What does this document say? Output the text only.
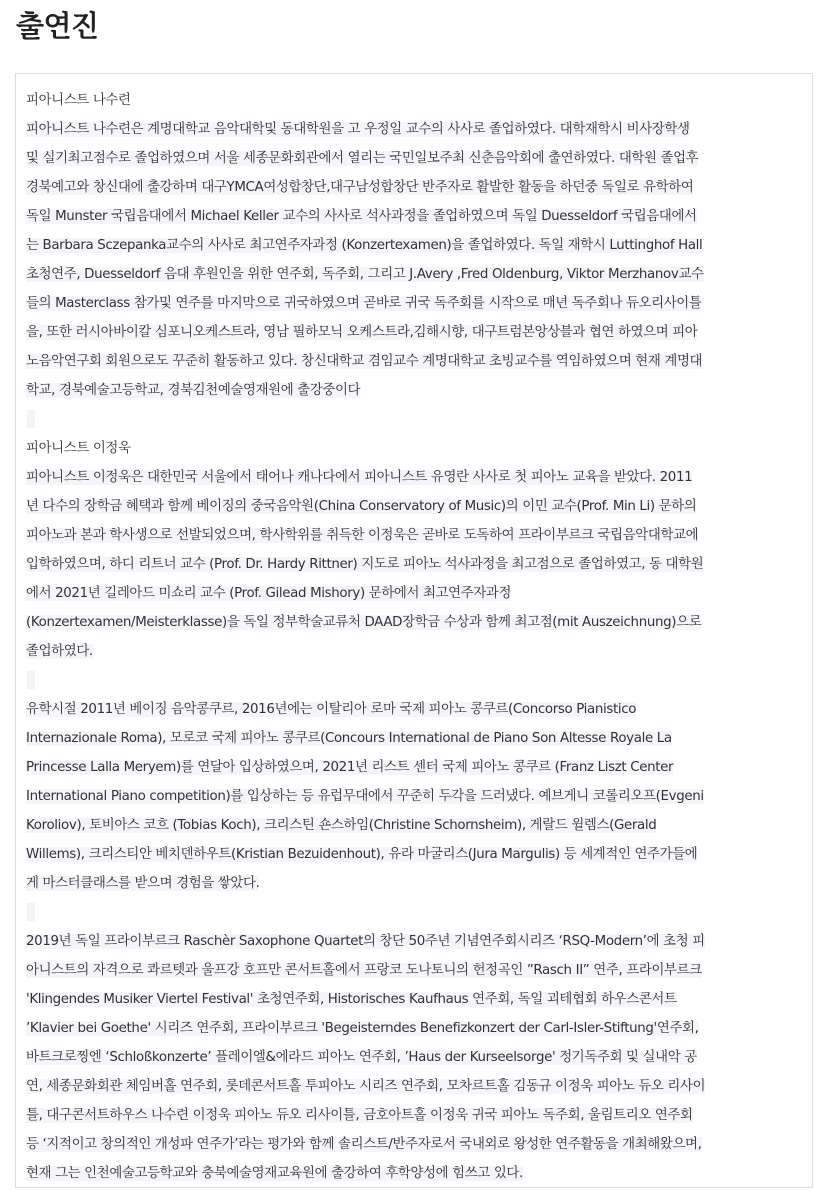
출연진
피아니스트 나수련
피아니스트 나수련은 계명대학교 음악대학및 동대학원을 고 우정일 교수의 사사로 졸업하였다. 대학재학시 비사장학생
및 실기최고점수로 졸업하였으며 서울 세종문화회관에서 열리는 국민일보주최 신춘음악회에 출연하였다. 대학원 졸업후
경북예고와 창신대에 출강하며 대구YMCA여성합창단,대구남성합창단 반주자로 활발한 활동을 하던중 독일로 유학하여
독일 Munster 국립음대에서 Michael Keller 교수의 사사로 석사과정을 졸업하였으며 독일 Duesseldorf 국립음대에서
는 Barbara Sczepanka교수의 사사로 최고연주자과정 (Konzertexamen)을 졸업하였다. 독일 재학시 Luttinghof Hall
초청연주, Duesseldorf 음대 후원인을 위한 연주회, 독주회, 그리고 J.Avery ,Fred Oldenburg, Viktor Merzhanov교수
들의 Masterclass 참가및 연주를 마지막으로 귀국하였으며 곧바로 귀국 독주회를 시작으로 매년 독주회나 듀오리사이틀
을, 또한 러시아바이칼 심포니오케스트라, 영남 필하모닉 오케스트라,김해시향, 대구트럼본앙상블과 협연 하였으며 피아
노음악연구회 회원으로도 꾸준히 활동하고 있다. 창신대학교 겸임교수 계명대학교 초빙교수를 역임하였으며 현재 계명대
학교, 경북예술고등학교, 경북김천예술영재원에 출강중이다
피아니스트 이정욱
피아니스트 이정욱은 대한민국 서울에서 태어나 캐나다에서 피아니스트 유영란 사사로 첫 피아노 교육을 받았다. 2011
년 다수의 장학금 혜택과 함께 베이징의 중국음악원(China Conservatory of Music)의 이민 교수(Prof. Min Li) 문하의
피아노과 본과 학사생으로 선발되었으며, 학사학위를 취득한 이정욱은 곧바로 도독하여 프라이부르크 국립음악대학교에
입학하였으며, 하디 리트너 교수 (Prof. Dr. Hardy Rittner) 지도로 피아노 석사과정을 최고점으로 졸업하였고, 동 대학원
에서 2021년 길레아드 미쇼리 교수 (Prof. Gilead Mishory) 문하에서 최고연주자과정
(Konzertexamen/Meisterklasse)을 독일 정부학술교류처 DAAD장학금 수상과 함께 최고점(mit Auszeichnung)으로
졸업하였다.
유학시절 2011년 베이징 음악콩쿠르, 2016년에는 이탈리아 로마 국제 피아노 콩쿠르(Concorso Pianistico
Internazionale Roma), 모로코 국제 피아노 콩쿠르(Concours International de Piano Son Altesse Royale La
Princesse Lalla Meryem)를 연달아 입상하였으며, 2021년 리스트 센터 국제 피아노 콩쿠르 (Franz Liszt Center
International Piano competition)를 입상하는 등 유럽무대에서 꾸준히 두각을 드러냈다. 예브게니 코롤리오프(Evgeni
Koroliov), 토비아스 코흐 (Tobias Koch), 크리스틴 숀스하임(Christine Schornsheim), 게랄드 윌렘스(Gerald
Willems), 크리스티안 베치덴하우트(Kristian Bezuidenhout), 유라 마굴리스(Jura Margulis) 등 세계적인 연주가들에
게 마스터클래스를 받으며 경험을 쌓았다.
2019년 독일 프라이부르크 Raschèr Saxophone Quartet의 창단 50주년 기념연주회시리즈 ‘RSQ-Modern’에 초청 피
아니스트의 자격으로 콰르텟과 울프강 호프만 콘서트홀에서 프랑코 도나토니의 헌정곡인 ”Rasch II” 연주, 프라이부르크
'Klingendes Musiker Viertel Festival' 초청연주회, Historisches Kaufhaus 연주회, 독일 괴테협회 하우스콘서트
’Klavier bei Goethe' 시리즈 연주회, 프라이부르크 'Begeisterndes Benefizkonzert der Carl-Isler-Stiftung'연주회,
바트크로찡엔 ‘Schloßkonzerte’ 플레이엘&에라드 피아노 연주회, ’Haus der Kurseelsorge' 정기독주회 및 실내악 공
연, 세종문화회관 체임버홀 연주회, 롯데콘서트홀 투피아노 시리즈 연주회, 모차르트홀 김동규 이정욱 피아노 듀오 리사이
틀, 대구콘서트하우스 나수련 이정욱 피아노 듀오 리사이틀, 금호아트홀 이정욱 귀국 피아노 독주회, 울림트리오 연주회
등 ‘지적이고 창의적인 개성파 연주가’라는 평가와 함께 솔리스트/반주자로서 국내외로 왕성한 연주활동을 개최해왔으며,
현재 그는 인천예술고등학교와 충북예술영재교육원에 출강하여 후학양성에 힘쓰고 있다.
